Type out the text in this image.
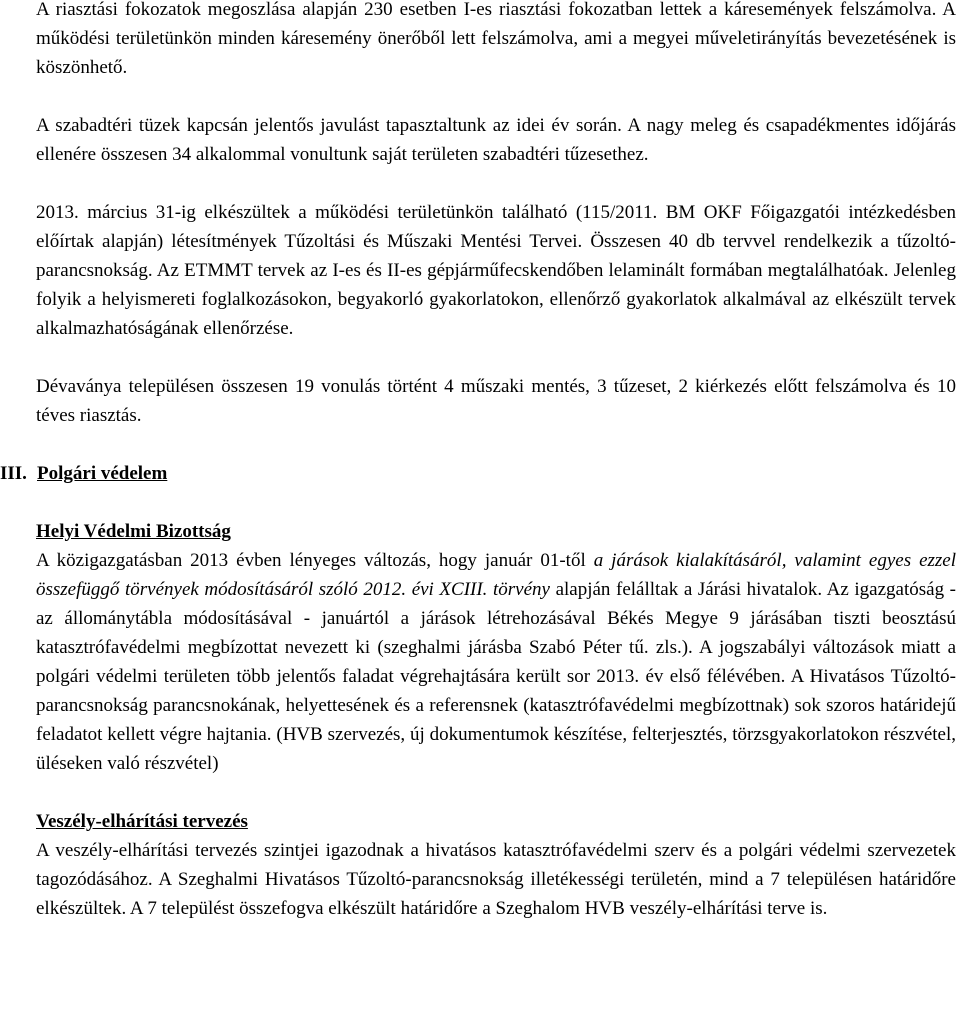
A riasztási fokozatok megoszlása alapján 230 esetben I-es riasztási fokozatban lettek a káresemények felszámolva. A működési területünkön minden káresemény önerőből lett felszámolva, ami a megyei műveletirányítás bevezetésének is köszönhető.

A szabadtéri tüzek kapcsán jelentős javulást tapasztaltunk az idei év során. A nagy meleg és csapadékmentes időjárás ellenére összesen 34 alkalommal vonultunk saját területen szabadtéri tűzesethez.

2013. március 31-ig elkészültek a működési területünkön található (115/2011. BM OKF Főigazgatói intézkedésben előírtak alapján) létesítmények Tűzoltási és Műszaki Mentési Tervei. Összesen 40 db tervvel rendelkezik a tűzoltó-parancsnokság. Az ETMMT tervek az I-es és II-es gépjárműfecskendőben lelaminált formában megtalálhatóak. Jelenleg folyik a helyismereti foglalkozásokon, begyakorló gyakorlatokon, ellenőrző gyakorlatok alkalmával az elkészült tervek alkalmazhatóságának ellenőrzése.

Dévaványa településen összesen 19 vonulás történt 4 műszaki mentés, 3 tűzeset, 2 kiérkezés előtt felszámolva és 10 téves riasztás.

III. Polgári védelem

Helyi Védelmi Bizottság

A közigazgatásban 2013 évben lényeges változás, hogy január 01-től a járások kialakításáról, valamint egyes ezzel összefüggő törvények módosításáról szóló 2012. évi XCIII. törvény alapján felálltak a Járási hivatalok. Az igazgatóság - az állománytábla módosításával - januártól a járások létrehozásával Békés Megye 9 járásában tiszti beosztású katasztrófavédelmi megbízottat nevezett ki (szeghalmi járásba Szabó Péter tű. zls.). A jogszabályi változások miatt a polgári védelmi területen több jelentős faladat végrehajtására került sor 2013. év első félévében. A Hivatásos Tűzoltó-parancsnokság parancsnokának, helyettesének és a referensnek (katasztrófavédelmi megbízottnak) sok szoros határidejű feladatot kellett végre hajtania. (HVB szervezés, új dokumentumok készítése, felterjesztés, törzsgyakorlatokon részvétel, üléseken való részvétel)

Veszély-elhárítási tervezés

A veszély-elhárítási tervezés szintjei igazodnak a hivatásos katasztrófavédelmi szerv és a polgári védelmi szervezetek tagozódásához. A Szeghalmi Hivatásos Tűzoltó-parancsnokság illetékességi területén, mind a 7 településen határidőre elkészültek. A 7 települést összefogva elkészült határidőre a Szeghalom HVB veszély-elhárítási terve is.
